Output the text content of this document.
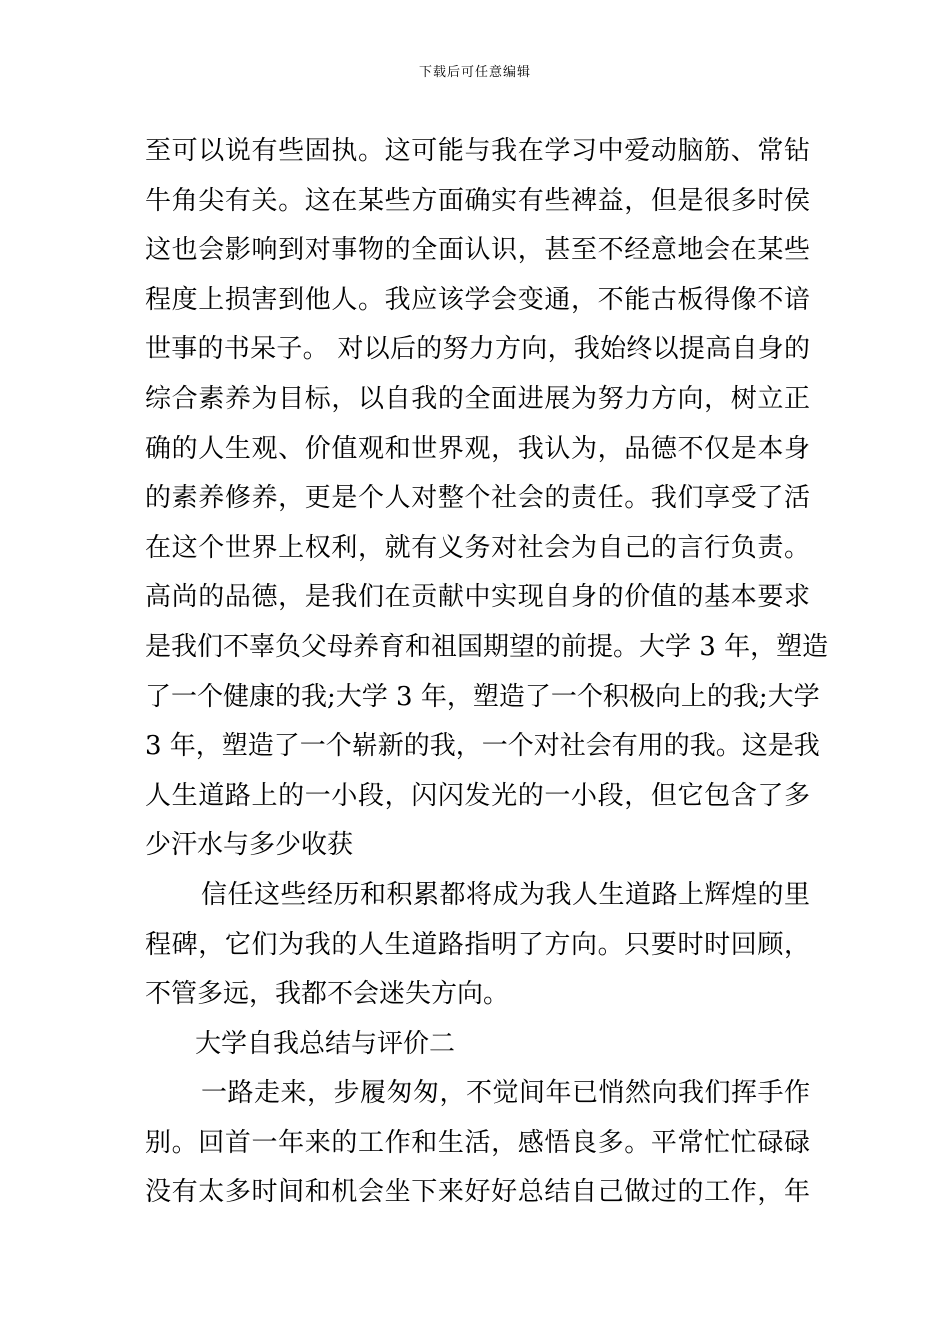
下载后可任意编辑
至可以说有些固执。这可能与我在学习中爱动脑筋、常钻
牛角尖有关。这在某些方面确实有些裨益，但是很多时侯
这也会影响到对事物的全面认识，甚至不经意地会在某些
程度上损害到他人。我应该学会变通，不能古板得像不谙
世事的书呆子。 对以后的努力方向，我始终以提高自身的
综合素养为目标，以自我的全面进展为努力方向，树立正
确的人生观、价值观和世界观，我认为，品德不仅是本身
的素养修养，更是个人对整个社会的责任。我们享受了活
在这个世界上权利，就有义务对社会为自己的言行负责。
高尚的品德，是我们在贡献中实现自身的价值的基本要求
是我们不辜负父母养育和祖国期望的前提。大学 3 年，塑造
了一个健康的我;大学 3 年，塑造了一个积极向上的我;大学
3 年，塑造了一个崭新的我，一个对社会有用的我。这是我
人生道路上的一小段，闪闪发光的一小段，但它包含了多
少汗水与多少收获
信任这些经历和积累都将成为我人生道路上辉煌的里
程碑，它们为我的人生道路指明了方向。只要时时回顾，
不管多远，我都不会迷失方向。
大学自我总结与评价二
一路走来，步履匆匆，不觉间年已悄然向我们挥手作
别。回首一年来的工作和生活，感悟良多。平常忙忙碌碌
没有太多时间和机会坐下来好好总结自己做过的工作，年
